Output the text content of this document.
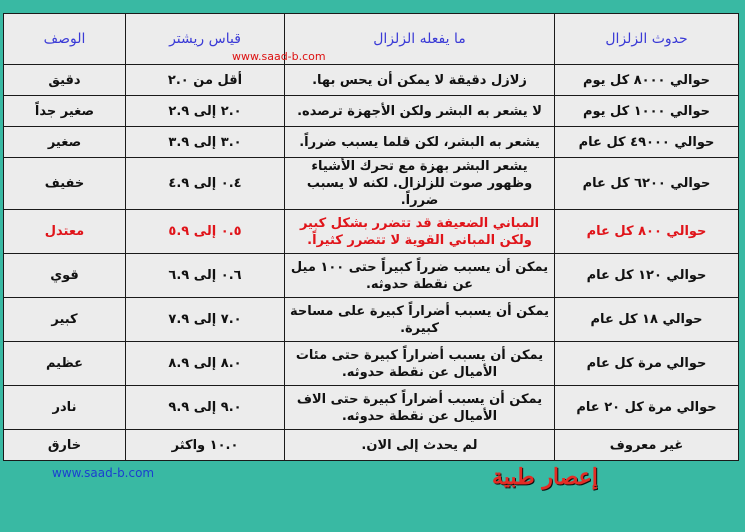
حدوث الزلزال	ما يفعله الزلزال	قياس ريشتر	الوصف
حوالي ۸۰۰۰ كل يوم	زلازل دقيقة لا يمكن أن يحس بها.	أقل من ۲.۰	دقيق
حوالي ۱۰۰۰ كل يوم	لا يشعر به البشر ولكن الأجهزة ترصده.	۲.۰ إلى ۲.۹	صغير جداً
حوالي ٤٩۰۰۰ كل عام	يشعر به البشر، لكن قلما يسبب ضرراً.	۳.۰ إلى ۳.۹	صغير
حوالي ٦۲۰۰ كل عام	يشعر البشر بهزة مع تحرك الأشياء وظهور صوت للزلزال. لكنه لا يسبب ضرراً.	٤.۰ إلى ٤.۹	خفيف
حوالي ۸۰۰ كل عام	المباني الضعيفة قد تتضرر بشكل كبير ولكن المباني القوية لا تتضرر كثيراً.	٥.۰ إلى ٥.۹	معتدل
حوالي ۱۲۰ كل عام	يمكن أن يسبب ضرراً كبيراً حتى ۱۰۰ ميل عن نقطة حدوثه.	٦.۰ إلى ٦.۹	قوي
حوالي ۱۸ كل عام	يمكن أن يسبب أضراراً كبيرة على مساحة كبيرة.	۷.۰ إلى ۷.۹	كبير
حوالي مرة كل عام	يمكن أن يسبب أضراراً كبيرة حتى مئات الأميال عن نقطة حدوثه.	۸.۰ إلى ۸.۹	عظيم
حوالي مرة كل ۲۰ عام	يمكن أن يسبب أضراراً كبيرة حتى الاف الأميال عن نقطة حدوثه.	۹.۰ إلى ۹.۹	نادر
غير معروف	لم يحدث إلى الان.	۱۰.۰ واكثر	خارق
www.saad-b.com
www.saad-b.com	إعصار طبية
